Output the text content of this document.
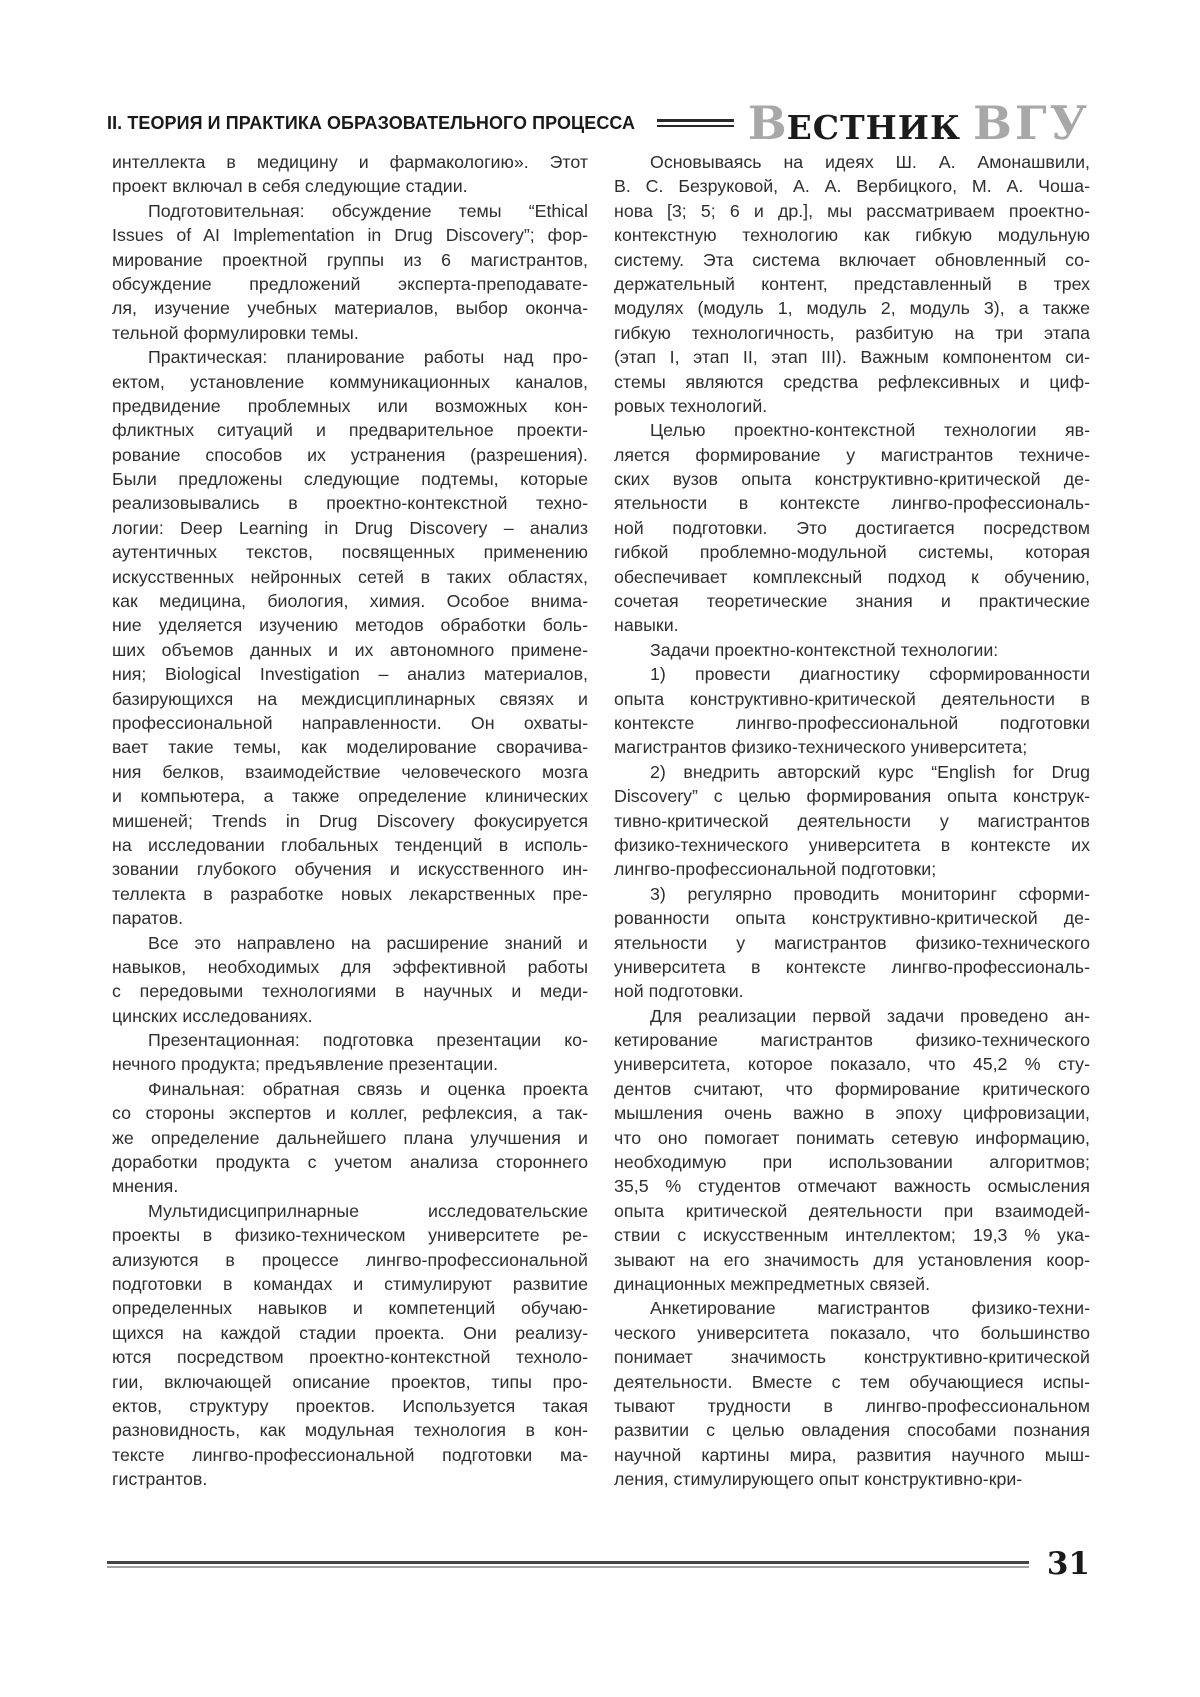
II. ТЕОРИЯ И ПРАКТИКА ОБРАЗОВАТЕЛЬНОГО ПРОЦЕССА ВЕСТНИК ВГУ
интеллекта в медицину и фармакологию». Этот
проект включал в себя следующие стадии.
Подготовительная: обсуждение темы “Ethical
Issues of AI Implementation in Drug Discovery”; фор-
мирование проектной группы из 6 магистрантов,
обсуждение предложений эксперта-преподавате-
ля, изучение учебных материалов, выбор оконча-
тельной формулировки темы.
Практическая: планирование работы над про-
ектом, установление коммуникационных каналов,
предвидение проблемных или возможных кон-
фликтных ситуаций и предварительное проекти-
рование способов их устранения (разрешения).
Были предложены следующие подтемы, которые
реализовывались в проектно-контекстной техно-
логии: Deep Learning in Drug Discovery – анализ
аутентичных текстов, посвященных применению
искусственных нейронных сетей в таких областях,
как медицина, биология, химия. Особое внима-
ние уделяется изучению методов обработки боль-
ших объемов данных и их автономного примене-
ния; Biological Investigation – анализ материалов,
базирующихся на междисциплинарных связях и
профессиональной направленности. Он охваты-
вает такие темы, как моделирование сворачива-
ния белков, взаимодействие человеческого мозга
и компьютера, а также определение клинических
мишеней; Trends in Drug Discovery фокусируется
на исследовании глобальных тенденций в исполь-
зовании глубокого обучения и искусственного ин-
теллекта в разработке новых лекарственных пре-
паратов.
Все это направлено на расширение знаний и
навыков, необходимых для эффективной работы
с передовыми технологиями в научных и меди-
цинских исследованиях.
Презентационная: подготовка презентации ко-
нечного продукта; предъявление презентации.
Финальная: обратная связь и оценка проекта
со стороны экспертов и коллег, рефлексия, а так-
же определение дальнейшего плана улучшения и
доработки продукта с учетом анализа стороннего
мнения.
Мультидисциприлнарные исследовательские
проекты в физико-техническом университете ре-
ализуются в процессе лингво-профессиональной
подготовки в командах и стимулируют развитие
определенных навыков и компетенций обучаю-
щихся на каждой стадии проекта. Они реализу-
ются посредством проектно-контекстной техноло-
гии, включающей описание проектов, типы про-
ектов, структуру проектов. Используется такая
разновидность, как модульная технология в кон-
тексте лингво-профессиональной подготовки ма-
гистрантов.
Основываясь на идеях Ш. А. Амонашвили,
В. С. Безруковой, А. А. Вербицкого, М. А. Чоша-
нова [3; 5; 6 и др.], мы рассматриваем проектно-
контекстную технологию как гибкую модульную
систему. Эта система включает обновленный со-
держательный контент, представленный в трех
модулях (модуль 1, модуль 2, модуль 3), а также
гибкую технологичность, разбитую на три этапа
(этап I, этап II, этап III). Важным компонентом си-
стемы являются средства рефлексивных и циф-
ровых технологий.
Целью проектно-контекстной технологии яв-
ляется формирование у магистрантов техниче-
ских вузов опыта конструктивно-критической де-
ятельности в контексте лингво-профессиональ-
ной подготовки. Это достигается посредством
гибкой проблемно-модульной системы, которая
обеспечивает комплексный подход к обучению,
сочетая теоретические знания и практические
навыки.
Задачи проектно-контекстной технологии:
1) провести диагностику сформированности
опыта конструктивно-критической деятельности в
контексте лингво-профессиональной подготовки
магистрантов физико-технического университета;
2) внедрить авторский курс “English for Drug
Discovery” с целью формирования опыта конструк-
тивно-критической деятельности у магистрантов
физико-технического университета в контексте их
лингво-профессиональной подготовки;
3) регулярно проводить мониторинг сформи-
рованности опыта конструктивно-критической де-
ятельности у магистрантов физико-технического
университета в контексте лингво-профессиональ-
ной подготовки.
Для реализации первой задачи проведено ан-
кетирование магистрантов физико-технического
университета, которое показало, что 45,2 % сту-
дентов считают, что формирование критического
мышления очень важно в эпоху цифровизации,
что оно помогает понимать сетевую информацию,
необходимую при использовании алгоритмов;
35,5 % студентов отмечают важность осмысления
опыта критической деятельности при взаимодей-
ствии с искусственным интеллектом; 19,3 % ука-
зывают на его значимость для установления коор-
динационных межпредметных связей.
Анкетирование магистрантов физико-техни-
ческого университета показало, что большинство
понимает значимость конструктивно-критической
деятельности. Вместе с тем обучающиеся испы-
тывают трудности в лингво-профессиональном
развитии с целью овладения способами познания
научной картины мира, развития научного мыш-
ления, стимулирующего опыт конструктивно-кри-
31
